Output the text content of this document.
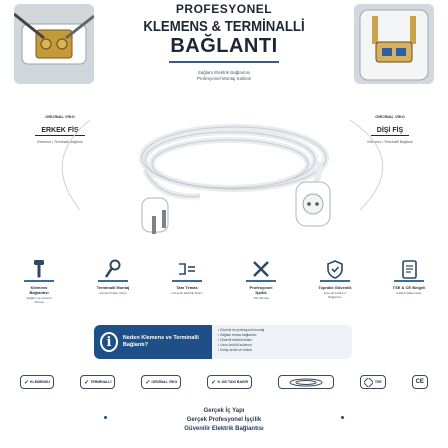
PROFESYONEL
KLEMENS & TERMİNALLİ
BAĞLANTI
Sağlam Elektrik Bağlantısı
Profesyonel Montaj Kalitesi
ORİJİNAL VİKO
ERKEK FİŞ
Klemens • Terminalli Bağlantı
ORİJİNAL VİKO
DİŞİ FİŞ
Klemens • Terminalli Bağlantı
Klemens Bağlantısı
Sağlam ve Güvenli Montaj
Terminalli Montaj
Güvenli Kablo Uçları
Tam Temas
Güvenilir Elektrik İletimi
Profesyonel İşçilik
Titiz Montaj
Topraklı Güvenlik
Güvenli Kullanım Bağlantısı
TSE & CE Belgeli
Kaliteli Malzemeler
i	Neden Klemens ve Terminalli Bağlantı?
• Düzenli ve profesyonel montaj
• Sağlam temas bağlantısı
• Güvenli elektrik iletimi
• Uzun ömürlü kullanım
• Kolay servis ve bakım
✓ KLEMENSLİ	✓ TERMİNALLİ	✓ ORİJİNAL VİKO	✓ % 100 TAKI BAKIR	TSE	CE
Gerçek İç Yapı
Gerçek Profesyonel İşçilik
Güvenilir Elektrik Bağlantısı
